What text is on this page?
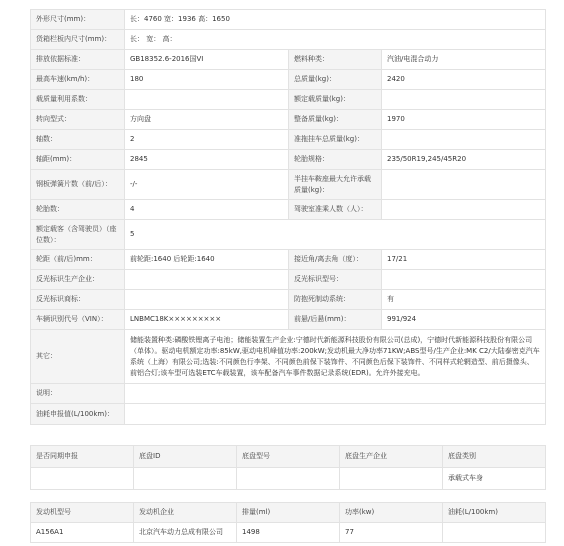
外形尺寸(mm)：	长：4760 宽：1936 高：1650		
货箱栏板内尺寸(mm)：	长： 宽： 高：		
排放依据标准：	GB18352.6-2016国VI	燃料种类：	汽油/电混合动力
最高车速(km/h)：	180	总质量(kg)：	2420
载质量利用系数：		额定载质量(kg)：	
转向型式：	方向盘	整备质量(kg)：	1970
轴数：	2	准拖挂车总质量(kg)：	
轴距(mm)：	2845	轮胎规格：	235/50R19,245/45R20
钢板弹簧片数（前/后）：	-/-	半挂车鞍座最大允许承载质量(kg)：	
轮胎数：	4	驾驶室准乘人数（人）：	
额定载客（含驾驶员）（座位数）：	5		
轮距（前/后)mm：	前轮距:1640 后轮距:1640	接近角/离去角（度）：	17/21
反光标识生产企业：		反光标识型号：	
反光标识商标：		防抱死制动系统：	有
车辆识别代号（VIN）：	LNBMC18K×××××××××	前悬/后悬(mm)：	991/924
其它：	储能装置种类:磷酸铁锂离子电池；储能装置生产企业:宁德时代新能源科技股份有限公司(总成)，宁德时代新能源科技股份有限公司（单体）。驱动电机额定功率:85kW,驱动电机峰值功率:200kW;发动机最大净功率71KW;ABS型号/生产企业:MK C2/大陆泰密克汽车系统（上海）有限公司;选装:不同颜色行李架、不同颜色前保下装饰件、不同颜色后保下装饰件、不同样式轮辋造型、前后摄像头、前铝合灯;该车型可选装ETC车载装置，该车配备汽车事件数据记录系统(EDR)。允许外接充电。		
说明：			
油耗申报值(L/100km)：			
是否同期申报	底盘ID	底盘型号	底盘生产企业	底盘类别
				承载式车身
发动机型号	发动机企业	排量(ml)	功率(kw)	油耗(L/100km)
A156A1	北京汽车动力总成有限公司	1498	77	
